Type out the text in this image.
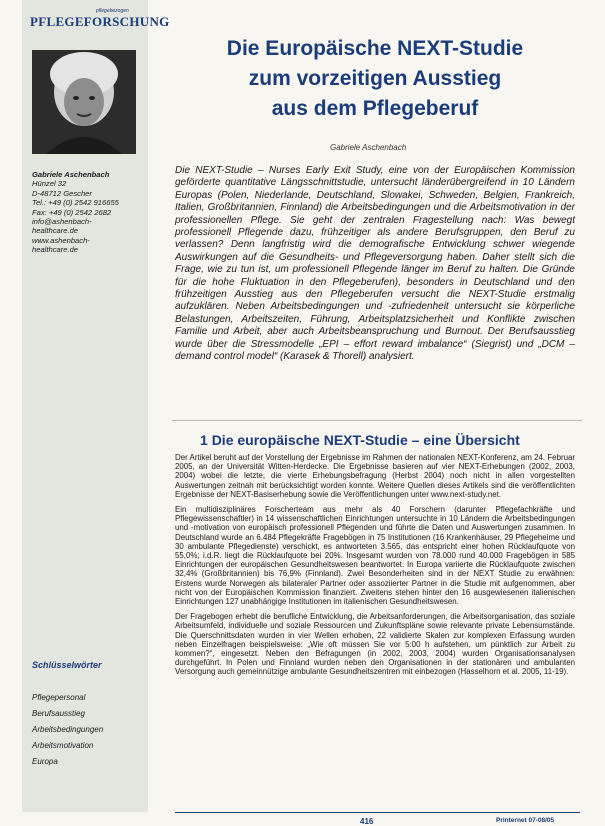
pflegebezogen
PFLEGEFORSCHUNG
Gabriele Aschenbach
Hünzel 32
D-48712 Gescher
Tel.: +49 (0) 2542 916655
Fax: +49 (0) 2542 2682
info@ashenbach-
healthcare.de
www.ashenbach-
healthcare.de
Schlüsselwörter
Pflegepersonal
Berufsausstieg
Arbeitsbedingungen
Arbeitsmotivation
Europa
Die Europäische NEXT-Studie
zum vorzeitigen Ausstieg
aus dem Pflegeberuf
Gabriele Aschenbach
Die NEXT-Studie – Nurses Early Exit Study, eine von der Europäischen Kommission geförderte quantitative Längsschnittstudie, untersucht länderübergreifend in 10 Ländern Europas (Polen, Niederlande, Deutschland, Slowakei, Schweden, Belgien, Frankreich, Italien, Großbritannien, Finnland) die Arbeitsbedingungen und die Arbeitsmotivation in der professionellen Pflege. Sie geht der zentralen Fragestellung nach: Was bewegt professionell Pflegende dazu, frühzeitiger als andere Berufsgruppen, den Beruf zu verlassen? Denn langfristig wird die demografische Entwicklung schwer wiegende Auswirkungen auf die Gesundheits- und Pflegeversorgung haben. Daher stellt sich die Frage, wie zu tun ist, um professionell Pflegende länger im Beruf zu halten. Die Gründe für die hohe Fluktuation in den Pflegeberufen), besonders in Deutschland und den frühzeitigen Ausstieg aus den Pflegeberufen versucht die NEXT-Studie erstmalig aufzuklären. Neben Arbeitsbedingungen und -zufriedenheit untersucht sie körperliche Belastungen, Arbeitszeiten, Führung, Arbeitsplatzsicherheit und Konflikte zwischen Familie und Arbeit, aber auch Arbeitsbeanspruchung und Burnout. Der Berufsausstieg wurde über die Stressmodelle „EPI – effort reward imbalance“ (Siegrist) und „DCM – demand control model“ (Karasek & Thorell) analysiert.
1 Die europäische NEXT-Studie – eine Übersicht

Der Artikel beruht auf der Vorstellung der Ergebnisse im Rahmen der nationalen NEXT-Konferenz, am 24. Februar 2005, an der Universität Witten-Herdecke. Die Ergebnisse basieren auf vier NEXT-Erhebungen (2002, 2003, 2004) wobei die letzte, die vierte Erhebungsbefragung (Herbst 2004) noch nicht in allen vorgestellten Auswertungen zeitnah mit berücksichtigt worden konnte. Weitere Quellen dieses Artikels sind die veröffentlichten Ergebnisse der NEXT-Basiserhebung sowie die Veröffentlichungen unter www.next-study.net.

Ein multidisziplinäres Forscherteam aus mehr als 40 Forschern (darunter Pflegefachkräfte und Pflegewissenschaftler) in 14 wissenschaftlichen Einrichtungen untersuchte in 10 Ländern die Arbeitsbedingungen und -motivation von europäisch professionell Pflegenden und führte die Daten und Auswertungen zusammen. In Deutschland wurde an 6.484 Pflegekräfte Fragebögen in 75 Institutionen (16 Krankenhäuser, 29 Pflegeheime und 30 ambulante Pflegedienste) verschickt, es antworteten 3.565, das entspricht einer hohen Rücklaufquote von 55,0%; i.d.R. liegt die Rücklaufquote bei 20%. Insgesamt wurden von 78.000 rund 40.000 Fragebögen in 585 Einrichtungen der europäischen Gesundheitswesen beantwortet. In Europa variierte die Rücklaufquote zwischen 32,4% (Großbritannien) bis 76,9% (Finnland). Zwei Besonderheiten sind in der NEXT Studie zu erwähnen: Erstens wurde Norwegen als bilateraler Partner oder assoziierter Partner in die Studie mit aufgenommen, aber nicht von der Europäischen Kommission finanziert. Zweitens stehen hinter den 16 ausgewiesenen italienischen Einrichtungen 127 unabhängige Institutionen im italienischen Gesundheitswesen.

Der Fragebogen erhebt die berufliche Entwicklung, die Arbeitsanforderungen, die Arbeitsorganisation, das soziale Arbeitsumfeld, individuelle und soziale Ressourcen und Zukunftspläne sowie relevante private Lebensumstände. Die Querschnittsdaten wurden in vier Wellen erhoben, 22 validierte Skalen zur komplexen Erfassung wurden neben Einzelfragen beispielsweise: „Wie oft müssen Sie vor 5:00 h aufstehen, um pünktlich zur Arbeit zu kommen?“, eingesetzt. Neben den Befragungen (in 2002, 2003, 2004) wurden Organisationsanalysen durchgeführt. In Polen und Finnland wurden neben den Organisationen in der stationären und ambulanten Versorgung auch gemeinnützige ambulante Gesundheitszentren mit einbezogen (Hasselhorn et al. 2005, 11-19).

416	Printernet 07-08/05
